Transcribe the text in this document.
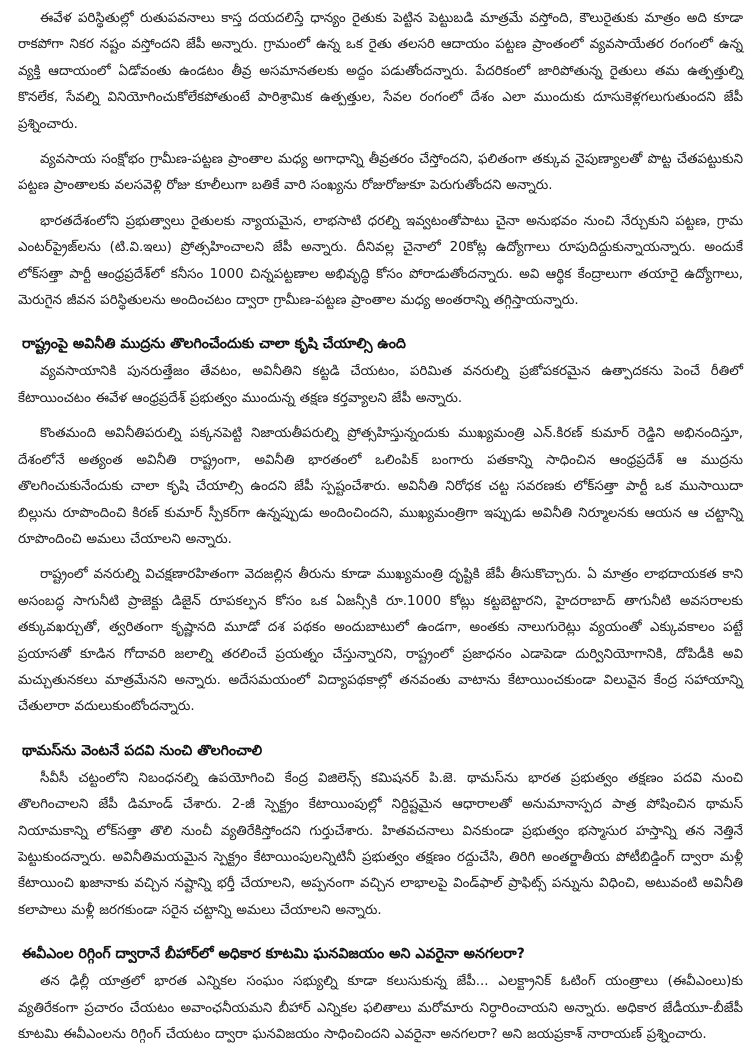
ఈవేళ పరిస్థితుల్లో రుతుపవనాలు కాస్త దయదలిస్తే ధాన్యం రైతుకు పెట్టిన పెట్టుబడి మాత్రమే వస్తోంది, కౌలురైతుకు మాత్రం అది కూడా రాకపోగా నికర నష్టం వస్తోందని జేపీ అన్నారు. గ్రామంలో ఉన్న ఒక రైతు తలసరి ఆదాయం పట్టణ ప్రాంతంలో వ్యవసాయేతర రంగంలో ఉన్న వ్యక్తి ఆదాయంలో ఏడోవంతు ఉండటం తీవ్ర అసమానతలకు అద్దం పడుతోందన్నారు. పేదరికంలో జారిపోతున్న రైతులు తమ ఉత్పత్తుల్ని కొనలేక, సేవల్ని వినియోగించుకోలేకపోతుంటే పారిశ్రామిక ఉత్పత్తుల, సేవల రంగంలో దేశం ఎలా ముందుకు దూసుకెళ్లగలుగుతుందని జేపీ ప్రశ్నించారు.

వ్యవసాయ సంక్షోభం గ్రామీణ-పట్టణ ప్రాంతాల మధ్య అగాధాన్ని తీవ్రతరం చేస్తోందని, ఫలితంగా తక్కువ నైపుణ్యాలతో పొట్ట చేతపట్టుకుని పట్టణ ప్రాంతాలకు వలసవెళ్లి రోజు కూలీలుగా బతికే వారి సంఖ్యను రోజురోజుకూ పెరుగుతోందని అన్నారు.

భారతదేశంలోని ప్రభుత్వాలు రైతులకు న్యాయమైన, లాభసాటి ధరల్ని ఇవ్వటంతోపాటు చైనా అనుభవం నుంచి నేర్చుకుని పట్టణ, గ్రామ ఎంటర్‌ప్రైజ్‌లను (టి.వి.ఇలు) ప్రోత్సహించాలని జేపీ అన్నారు. దీనివల్ల చైనాలో 20కోట్ల ఉద్యోగాలు రూపుదిద్దుకున్నాయన్నారు. అందుకే లోక్‌సత్తా పార్టీ ఆంధ్రప్రదేశ్‌లో కనీసం 1000 చిన్నపట్టణాల అభివృద్ధి కోసం పోరాడుతోందన్నారు. అవి ఆర్థిక కేంద్రాలుగా తయారై ఉద్యోగాలు, మెరుగైన జీవన పరిస్థితులను అందించటం ద్వారా గ్రామీణ-పట్టణ ప్రాంతాల మధ్య అంతరాన్ని తగ్గిస్తాయన్నారు.

రాష్ట్రంపై అవినీతి ముద్రను తొలగించేందుకు చాలా కృషి చేయాల్సి ఉంది

వ్యవసాయానికి పునరుత్తేజం తేవటం, అవినీతిని కట్టడి చేయటం, పరిమిత వనరుల్ని ప్రజోపకరమైన ఉత్పాదకను పెంచే రీతిలో కేటాయించటం ఈవేళ ఆంధ్రప్రదేశ్ ప్రభుత్వం ముందున్న తక్షణ కర్తవ్యాలని జేపీ అన్నారు.

కొంతమంది అవినీతిపరుల్ని పక్కనపెట్టి నిజాయతీపరుల్ని ప్రోత్సహిస్తున్నందుకు ముఖ్యమంత్రి ఎన్.కిరణ్ కుమార్ రెడ్డిని అభినందిస్తూ, దేశంలోనే అత్యంత అవినీతి రాష్ట్రంగా, అవినీతి భారతంలో ఒలింపిక్ బంగారు పతకాన్ని సాధించిన ఆంధ్రప్రదేశ్ ఆ ముద్రను తొలగించుకునేందుకు చాలా కృషి చేయాల్సి ఉందని జేపీ స్పష్టంచేశారు. అవినీతి నిరోధక చట్ట సవరణకు లోక్‌సత్తా పార్టీ ఒక ముసాయిదా బిల్లును రూపొందించి కిరణ్ కుమార్ స్పీకర్‌గా ఉన్నప్పుడు అందించిందని, ముఖ్యమంత్రిగా ఇప్పుడు అవినీతి నిర్మూలనకు ఆయన ఆ చట్టాన్ని రూపొందించి అమలు చేయాలని అన్నారు.

రాష్ట్రంలో వనరుల్ని విచక్షణారహితంగా వెదజల్లిన తీరును కూడా ముఖ్యమంత్రి దృష్టికి జేపీ తీసుకొచ్చారు. ఏ మాత్రం లాభదాయకత కాని అసంబద్ధ సాగునీటి ప్రాజెక్టు డిజైన్ రూపకల్పన కోసం ఒక ఏజన్సీకి రూ.1000 కోట్లు కట్టబెట్టారని, హైదరాబాద్ తాగునీటి అవసరాలకు తక్కువఖర్చుతో, త్వరితంగా కృష్ణానది మూడో దశ పథకం అందుబాటులో ఉండగా, అంతకు నాలుగురెట్లు వ్యయంతో ఎక్కువకాలం పట్టే ప్రయాసతో కూడిన గోదావరి జలాల్ని తరలించే ప్రయత్నం చేస్తున్నారని, రాష్ట్రంలో ప్రజాధనం ఎడాపెడా దుర్వినియోగానికి, దోపిడీకి అవి మచ్చుతునకలు మాత్రమేనని అన్నారు. అదేసమయంలో విద్యాపథకాల్లో తనవంతు వాటాను కేటాయించకుండా విలువైన కేంద్ర సహాయాన్ని చేతులారా వదులుకుంటోందన్నారు.

థామస్‌ను వెంటనే పదవి నుంచి తొలగించాలి

సీవీసీ చట్టంలోని నిబంధనల్ని ఉపయోగించి కేంద్ర విజిలెన్స్ కమిషనర్ పి.జె. థామస్‌ను భారత ప్రభుత్వం తక్షణం పదవి నుంచి తొలగించాలని జేపీ డిమాండ్ చేశారు. 2-జీ స్పెక్ట్రం కేటాయింపుల్లో నిర్దిష్టమైన ఆధారాలతో అనుమానాస్పద పాత్ర పోషించిన థామస్ నియామకాన్ని లోక్‌సత్తా తొలి నుంచీ వ్యతిరేకిస్తోందని గుర్తుచేశారు. హితవచనాలు వినకుండా ప్రభుత్వం భస్మాసుర హస్తాన్ని తన నెత్తినే పెట్టుకుందన్నారు. అవినీతిమయమైన స్పెక్ట్రం కేటాయింపులన్నిటినీ ప్రభుత్వం తక్షణం రద్దుచేసి, తిరిగి అంతర్జాతీయ పోటీబిడ్డింగ్ ద్వారా మళ్లీ కేటాయించి ఖజానాకు వచ్చిన నష్టాన్ని భర్తీ చేయాలని, అప్పనంగా వచ్చిన లాభాలపై విండ్‌ఫాల్ ప్రాఫిట్స్ పన్నును విధించి, అటువంటి అవినీతి కలాపాలు మళ్లీ జరగకుండా సరైన చట్టాన్ని అమలు చేయాలని అన్నారు.

ఈవీఎంల రిగ్గింగ్ ద్వారానే బీహార్‌లో అధికార కూటమి ఘనవిజయం అని ఎవరైనా అనగలరా?

తన ఢిల్లీ యాత్రలో భారత ఎన్నికల సంఘం సభ్యుల్ని కూడా కలుసుకున్న జేపీ... ఎలక్ట్రానిక్ ఓటింగ్ యంత్రాలు (ఈవీఎంలు)కు వ్యతిరేకంగా ప్రచారం చేయటం అవాంఛనీయమని బీహార్ ఎన్నికల ఫలితాలు మరోమారు నిర్ధారించాయని అన్నారు. అధికార జేడీయూ-బీజేపీ కూటమి ఈవీఎంలను రిగ్గింగ్ చేయటం ద్వారా ఘనవిజయం సాధించిందని ఎవరైనా అనగలరా? అని జయప్రకాశ్ నారాయణ్ ప్రశ్నించారు.
